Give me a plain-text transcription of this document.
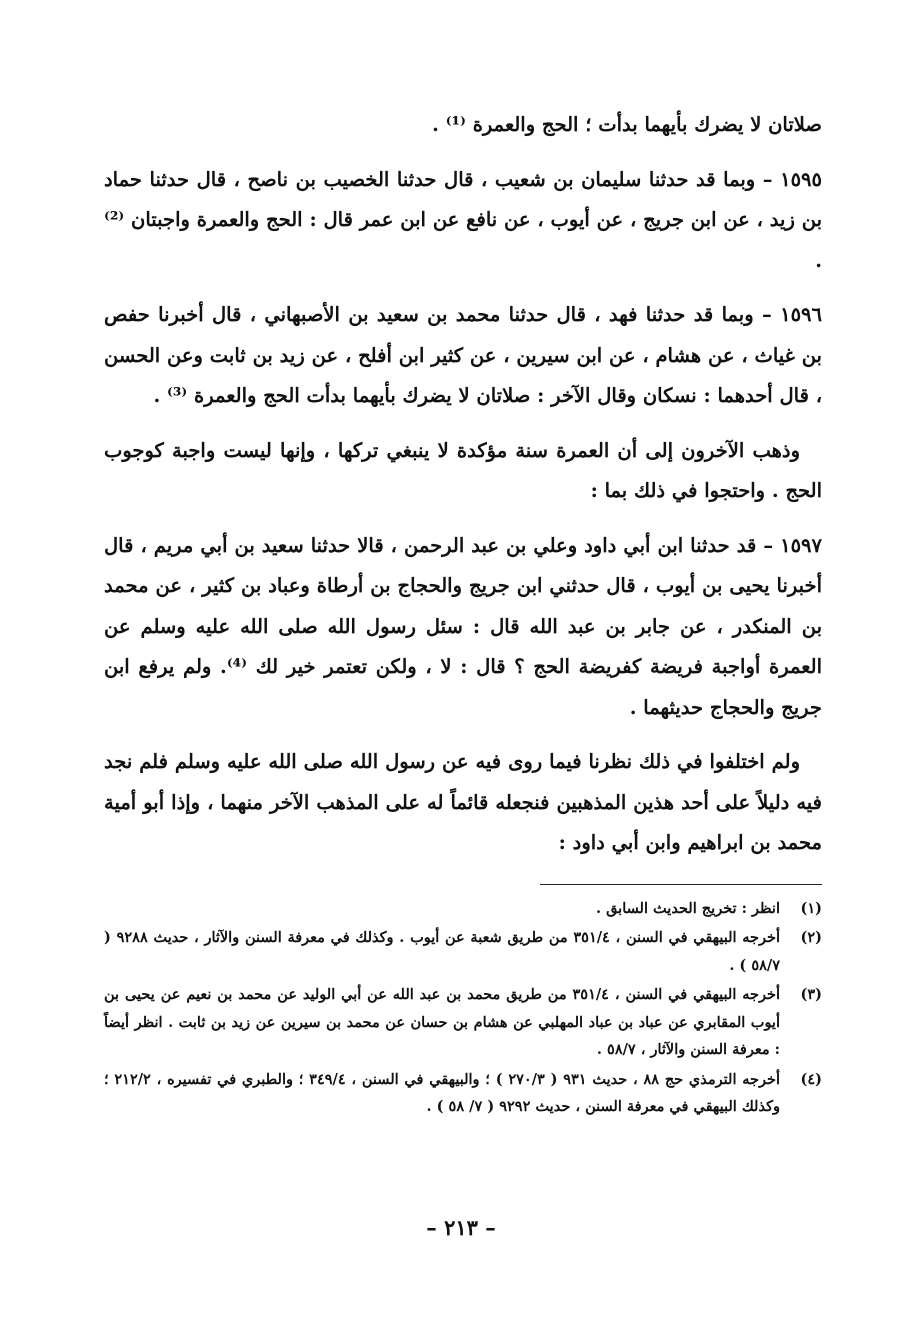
صلاتان لا يضرك بأيهما بدأت ؛ الحج والعمرة ⁽¹⁾ .

١٥٩٥ – وبما قد حدثنا سليمان بن شعيب ، قال حدثنا الخصيب بن ناصح ، قال حدثنا حماد بن زيد ، عن ابن جريج ، عن أيوب ، عن نافع عن ابن عمر قال : الحج والعمرة واجبتان ⁽²⁾ .

١٥٩٦ – وبما قد حدثنا فهد ، قال حدثنا محمد بن سعيد بن الأصبهاني ، قال أخبرنا حفص بن غياث ، عن هشام ، عن ابن سيرين ، عن كثير ابن أفلح ، عن زيد بن ثابت وعن الحسن ، قال أحدهما : نسكان وقال الآخر : صلاتان لا يضرك بأيهما بدأت الحج والعمرة ⁽³⁾ .

وذهب الآخرون إلى أن العمرة سنة مؤكدة لا ينبغي تركها ، وإنها ليست واجبة كوجوب الحج . واحتجوا في ذلك بما :

١٥٩٧ – قد حدثنا ابن أبي داود وعلي بن عبد الرحمن ، قالا حدثنا سعيد بن أبي مريم ، قال أخبرنا يحيى بن أيوب ، قال حدثني ابن جريج والحجاج بن أرطاة وعباد بن كثير ، عن محمد بن المنكدر ، عن جابر بن عبد الله قال : سئل رسول الله صلى الله عليه وسلم عن العمرة أواجبة فريضة كفريضة الحج ؟ قال : لا ، ولكن تعتمر خير لك ⁽⁴⁾. ولم يرفع ابن جريج والحجاج حديثهما .

ولم اختلفوا في ذلك نظرنا فيما روى فيه عن رسول الله صلى الله عليه وسلم فلم نجد فيه دليلاً على أحد هذين المذهبين فنجعله قائماً له على المذهب الآخر منهما ، وإذا أبو أمية محمد بن ابراهيم وابن أبي داود :

(١)
انظر : تخريج الحديث السابق .
(٢)
أخرجه البيهقي في السنن ، ٣٥١/٤ من طريق شعبة عن أيوب . وكذلك في معرفة السنن والآثار ، حديث ٩٢٨٨ ( ٥٨/٧ ) .
(٣)
أخرجه البيهقي في السنن ، ٣٥١/٤ من طريق محمد بن عبد الله عن أبي الوليد عن محمد بن نعيم عن يحيى بن أيوب المقابري عن عباد بن عباد المهلبي عن هشام بن حسان عن محمد بن سيرين عن زيد بن ثابت . انظر أيضاً : معرفة السنن والآثار ، ٥٨/٧ .
(٤)
أخرجه الترمذي حج ٨٨ ، حديث ٩٣١ ( ٢٧٠/٣ ) ؛ والبيهقي في السنن ، ٣٤٩/٤ ؛ والطبري في تفسيره ، ٢١٢/٢ ؛ وكذلك البيهقي في معرفة السنن ، حديث ٩٢٩٢ ( ٧/ ٥٨ ) .
– ٢١٣ –
